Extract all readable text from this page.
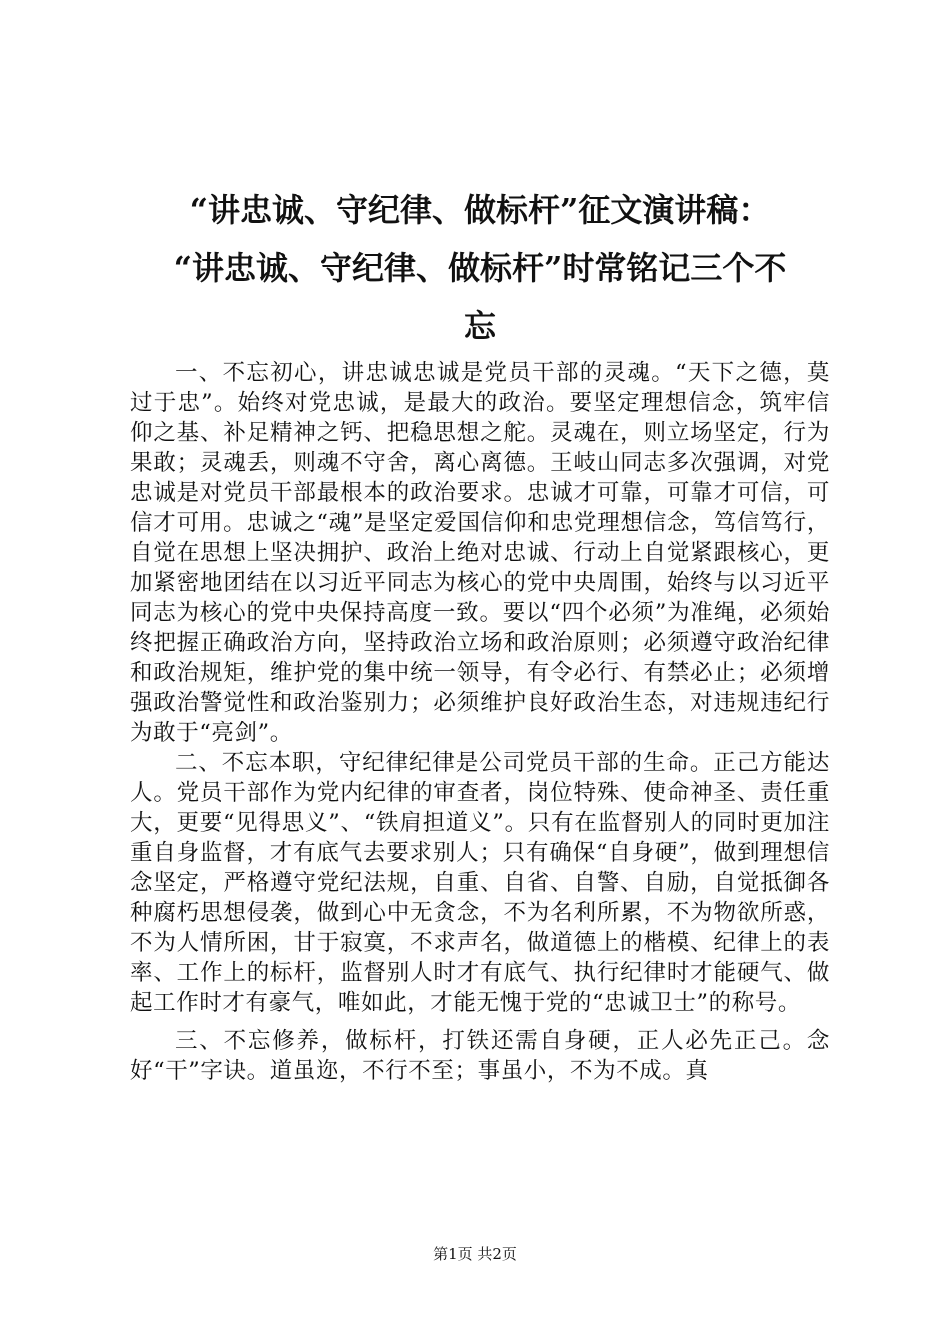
“讲忠诚、守纪律、做标杆”征文演讲稿：
“讲忠诚、守纪律、做标杆”时常铭记三个不
忘

一、不忘初心，讲忠诚忠诚是党员干部的灵魂。“天下之德，莫过于忠”。始终对党忠诚，是最大的政治。要坚定理想信念，筑牢信仰之基、补足精神之钙、把稳思想之舵。灵魂在，则立场坚定，行为果敢；灵魂丢，则魂不守舍，离心离德。王岐山同志多次强调，对党忠诚是对党员干部最根本的政治要求。忠诚才可靠，可靠才可信，可信才可用。忠诚之“魂”是坚定爱国信仰和忠党理想信念，笃信笃行，自觉在思想上坚决拥护、政治上绝对忠诚、行动上自觉紧跟核心，更加紧密地团结在以习近平同志为核心的党中央周围，始终与以习近平同志为核心的党中央保持高度一致。要以“四个必须”为准绳，必须始终把握正确政治方向，坚持政治立场和政治原则；必须遵守政治纪律和政治规矩，维护党的集中统一领导，有令必行、有禁必止；必须增强政治警觉性和政治鉴别力；必须维护良好政治生态，对违规违纪行为敢于“亮剑”。

二、不忘本职，守纪律纪律是公司党员干部的生命。正己方能达人。党员干部作为党内纪律的审查者，岗位特殊、使命神圣、责任重大，更要“见得思义”、“铁肩担道义”。只有在监督别人的同时更加注重自身监督，才有底气去要求别人；只有确保“自身硬”，做到理想信念坚定，严格遵守党纪法规，自重、自省、自警、自励，自觉抵御各种腐朽思想侵袭，做到心中无贪念，不为名利所累，不为物欲所惑，不为人情所困，甘于寂寞，不求声名，做道德上的楷模、纪律上的表率、工作上的标杆，监督别人时才有底气、执行纪律时才能硬气、做起工作时才有豪气，唯如此，才能无愧于党的“忠诚卫士”的称号。

三、不忘修养，做标杆，打铁还需自身硬，正人必先正己。念好“干”字诀。道虽迩，不行不至；事虽小，不为不成。真

第1页 共2页
